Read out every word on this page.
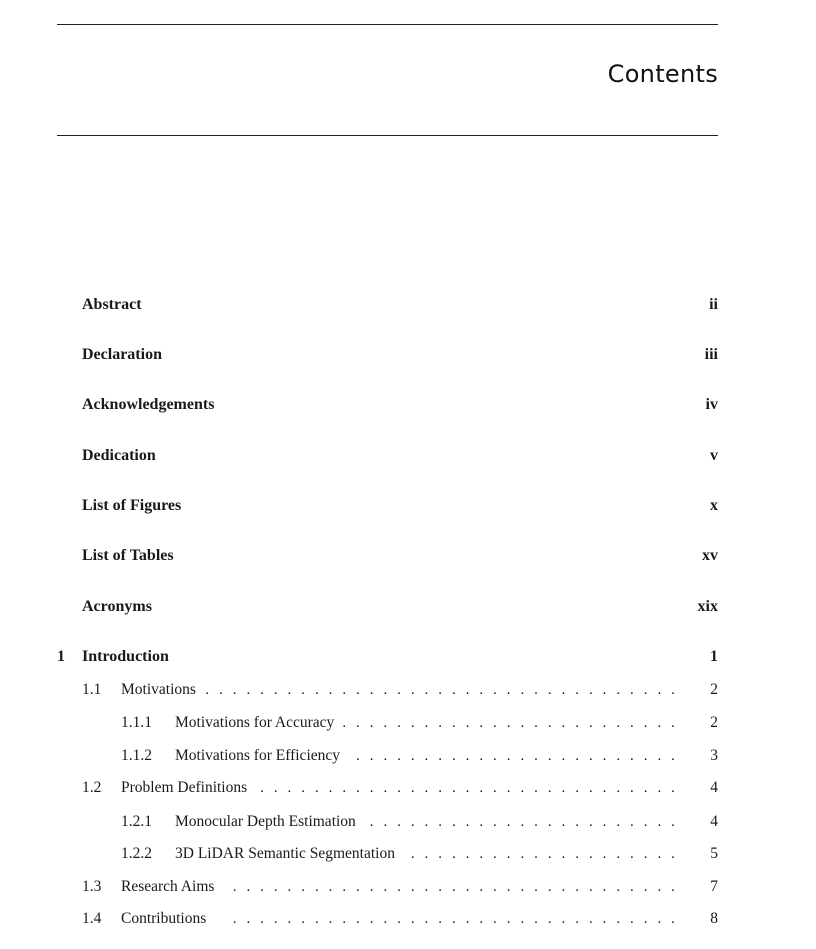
Contents
Abstract	ii
Declaration	iii
Acknowledgements	iv
Dedication	v
List of Figures	x
List of Tables	xv
Acronyms	xix
1 Introduction	1
. . .
1.1 Motivations	2
. . .
1.1.1 Motivations for Accuracy	2
. . .
1.1.2 Motivations for Efficiency	3
. . .
1.2 Problem Definitions	4
. . .
1.2.1 Monocular Depth Estimation	4
. . .
1.2.2 3D LiDAR Semantic Segmentation	5
. . .
1.3 Research Aims	7
. . .
1.4 Contributions	8
